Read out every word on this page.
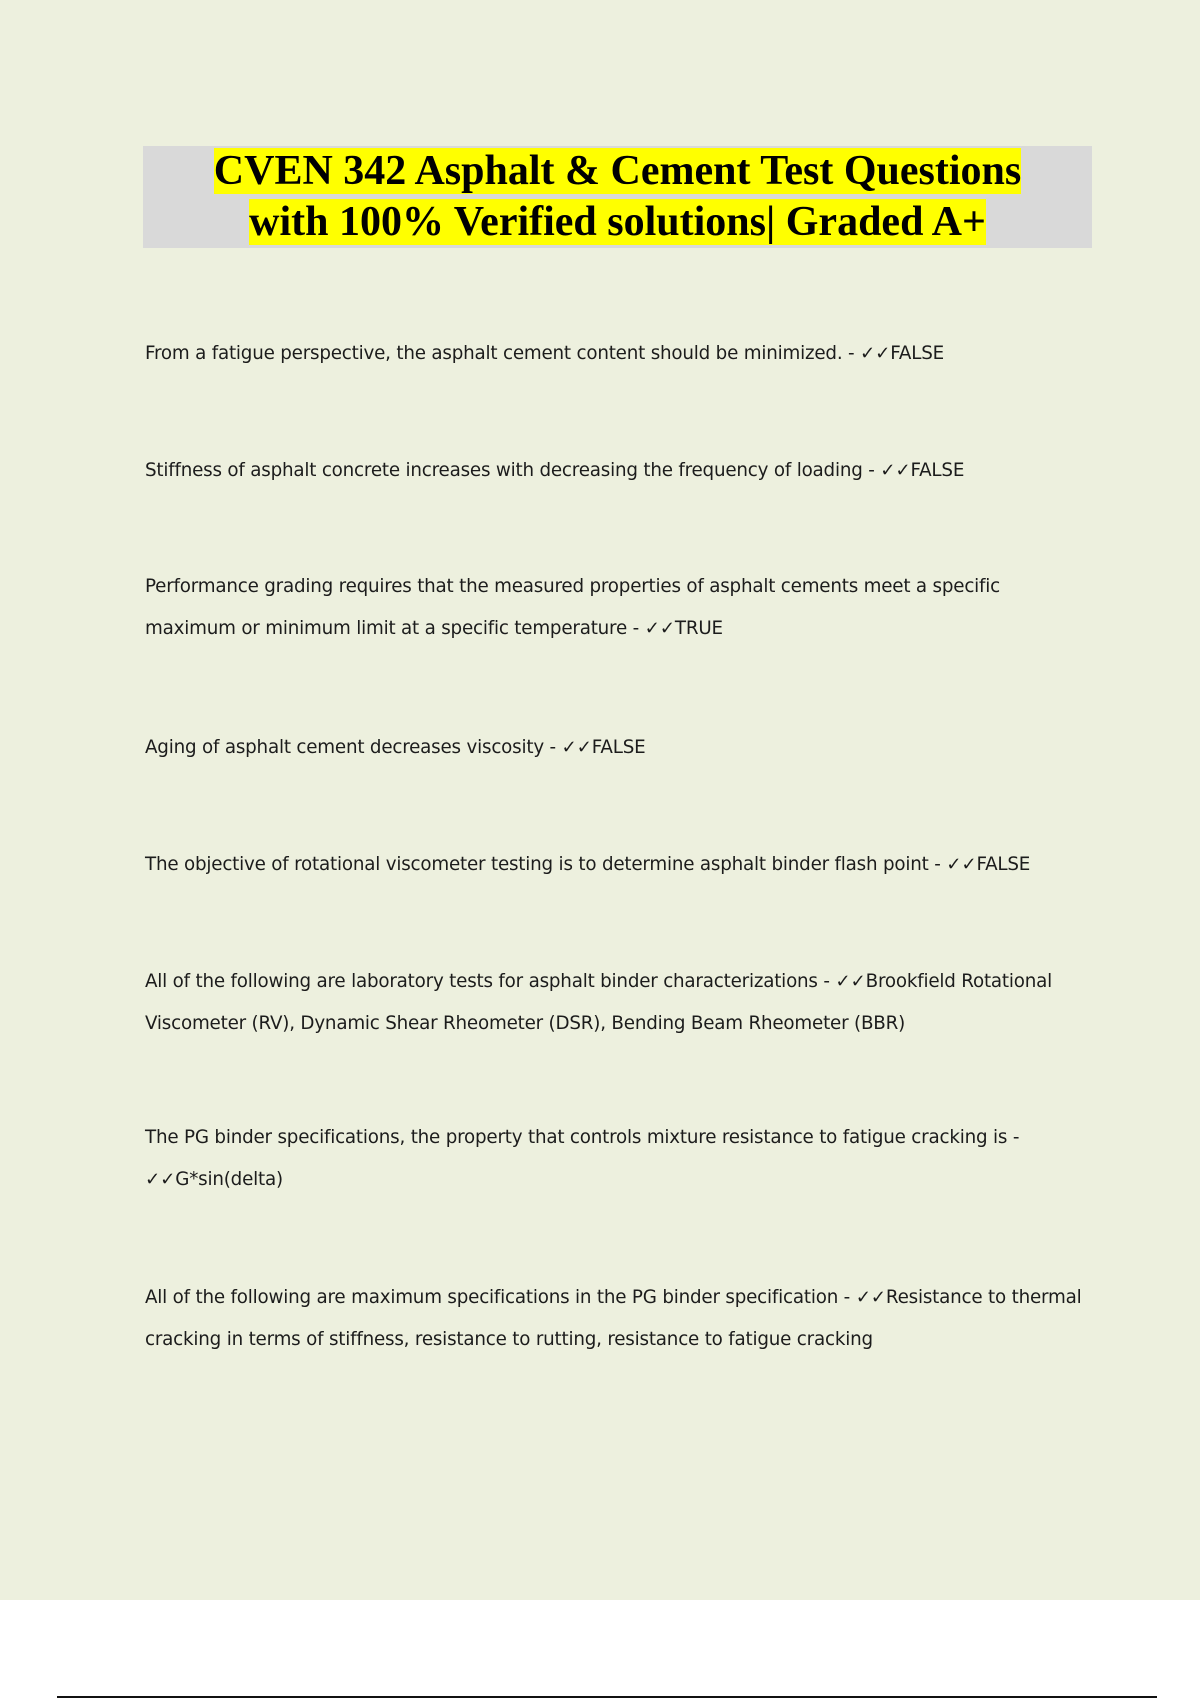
CVEN 342 Asphalt & Cement Test Questions
with 100% Verified solutions| Graded A+
From a fatigue perspective, the asphalt cement content should be minimized. - ✓✓FALSE
Stiffness of asphalt concrete increases with decreasing the frequency of loading - ✓✓FALSE
Performance grading requires that the measured properties of asphalt cements meet a specific maximum or minimum limit at a specific temperature - ✓✓TRUE
Aging of asphalt cement decreases viscosity - ✓✓FALSE
The objective of rotational viscometer testing is to determine asphalt binder flash point - ✓✓FALSE
All of the following are laboratory tests for asphalt binder characterizations - ✓✓Brookfield Rotational Viscometer (RV), Dynamic Shear Rheometer (DSR), Bending Beam Rheometer (BBR)
The PG binder specifications, the property that controls mixture resistance to fatigue cracking is - ✓✓G*sin(delta)
All of the following are maximum specifications in the PG binder specification - ✓✓Resistance to thermal cracking in terms of stiffness, resistance to rutting, resistance to fatigue cracking
